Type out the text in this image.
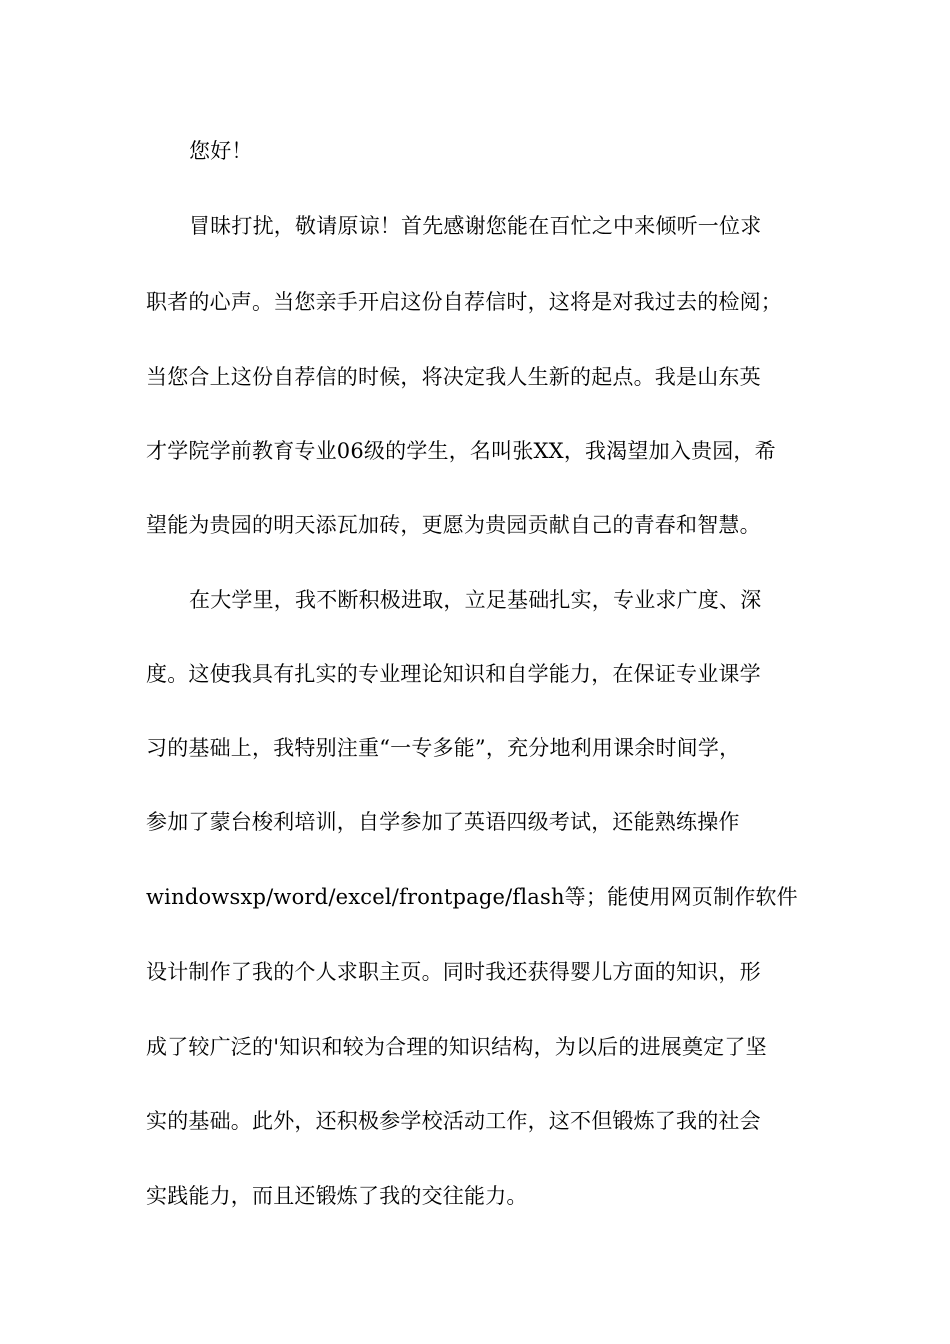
您好！
冒昧打扰，敬请原谅！首先感谢您能在百忙之中来倾听一位求
职者的心声。当您亲手开启这份自荐信时，这将是对我过去的检阅；
当您合上这份自荐信的时候，将决定我人生新的起点。我是山东英
才学院学前教育专业06级的学生，名叫张XX，我渴望加入贵园，希
望能为贵园的明天添瓦加砖，更愿为贵园贡献自己的青春和智慧。
在大学里，我不断积极进取，立足基础扎实，专业求广度、深
度。这使我具有扎实的专业理论知识和自学能力，在保证专业课学
习的基础上，我特别注重“一专多能”，充分地利用课余时间学，
参加了蒙台梭利培训，自学参加了英语四级考试，还能熟练操作
windowsxp/word/excel/frontpage/flash等；能使用网页制作软件
设计制作了我的个人求职主页。同时我还获得婴儿方面的知识，形
成了较广泛的'知识和较为合理的知识结构，为以后的进展奠定了坚
实的基础。此外，还积极参学校活动工作，这不但锻炼了我的社会
实践能力，而且还锻炼了我的交往能力。
